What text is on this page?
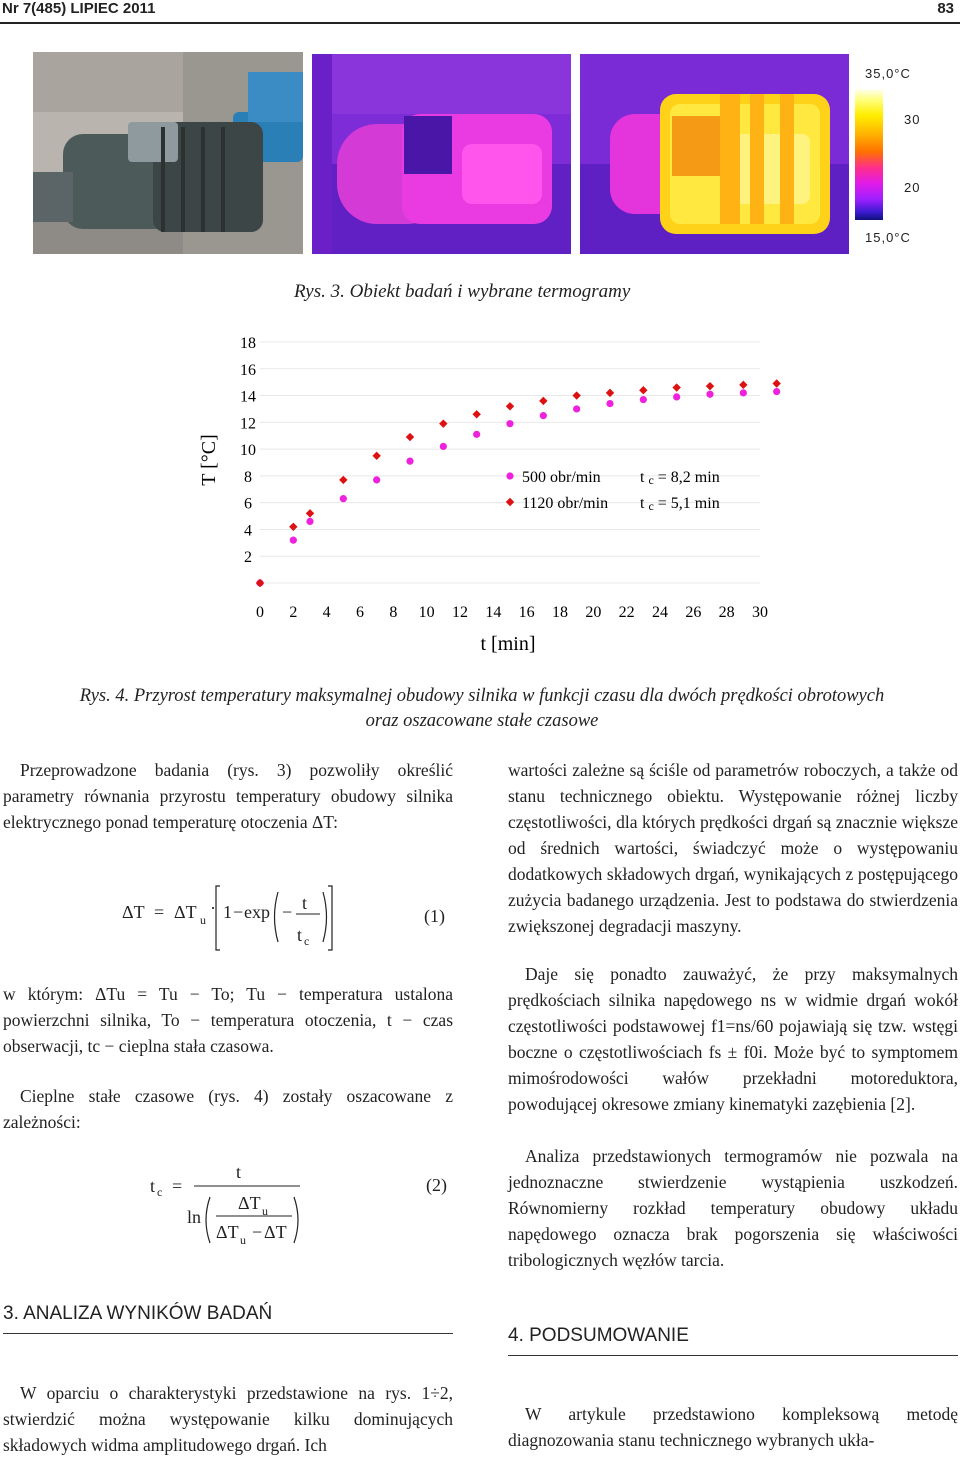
Nr 7(485) LIPIEC 2011	83
35,0°C
30
20
15,0°C
Rys. 3. Obiekt badań i wybrane termogramy
T [°C]
2
4
6
8
10
12
14
16
18
0 2 4 6 8 10 12 14 16 18 20 22 24 26 28 30
500 obr/min t c = 8,2 min
1120 obr/min t c = 5,1 min
t [min]
Rys. 4. Przyrost temperatury maksymalnej obudowy silnika w funkcji czasu dla dwóch prędkości obrotowych
oraz oszacowane stałe czasowe
Przeprowadzone badania (rys. 3) pozwoliły określić parametry równania przyrostu temperatury obudowy silnika elektrycznego ponad temperaturę otoczenia ΔT:
ΔT = ΔT u
· 1 − exp − t
t c
(1)
w którym: ΔTu = Tu − To; Tu − temperatura ustalona powierzchni silnika, To − temperatura otoczenia, t − czas obserwacji, tc − cieplna stała czasowa.
Cieplne stałe czasowe (rys. 4) zostały oszacowane z zależności:
t c =
t
ln
ΔT u
ΔT u − ΔT
(2)
3. ANALIZA WYNIKÓW BADAŃ
W oparciu o charakterystyki przedstawione na rys. 1÷2, stwierdzić można występowanie kilku dominujących składowych widma amplitudowego drgań. Ich
wartości zależne są ściśle od parametrów roboczych, a także od stanu technicznego obiektu. Występowanie różnej liczby częstotliwości, dla których prędkości drgań są znacznie większe od średnich wartości, świadczyć może o występowaniu dodatkowych składowych drgań, wynikających z postępującego zużycia badanego urządzenia. Jest to podstawa do stwierdzenia zwiększonej degradacji maszyny.
Daje się ponadto zauważyć, że przy maksymalnych prędkościach silnika napędowego ns w widmie drgań wokół częstotliwości podstawowej f1=ns/60 pojawiają się tzw. wstęgi boczne o częstotliwościach fs ± f0i. Może być to symptomem mimośrodowości wałów przekładni motoreduktora, powodującej okresowe zmiany kinematyki zazębienia [2].
Analiza przedstawionych termogramów nie pozwala na jednoznaczne stwierdzenie wystąpienia uszkodzeń. Równomierny rozkład temperatury obudowy układu napędowego oznacza brak pogorszenia się właściwości tribologicznych węzłów tarcia.
4. PODSUMOWANIE
W artykule przedstawiono kompleksową metodę diagnozowania stanu technicznego wybranych ukła-
